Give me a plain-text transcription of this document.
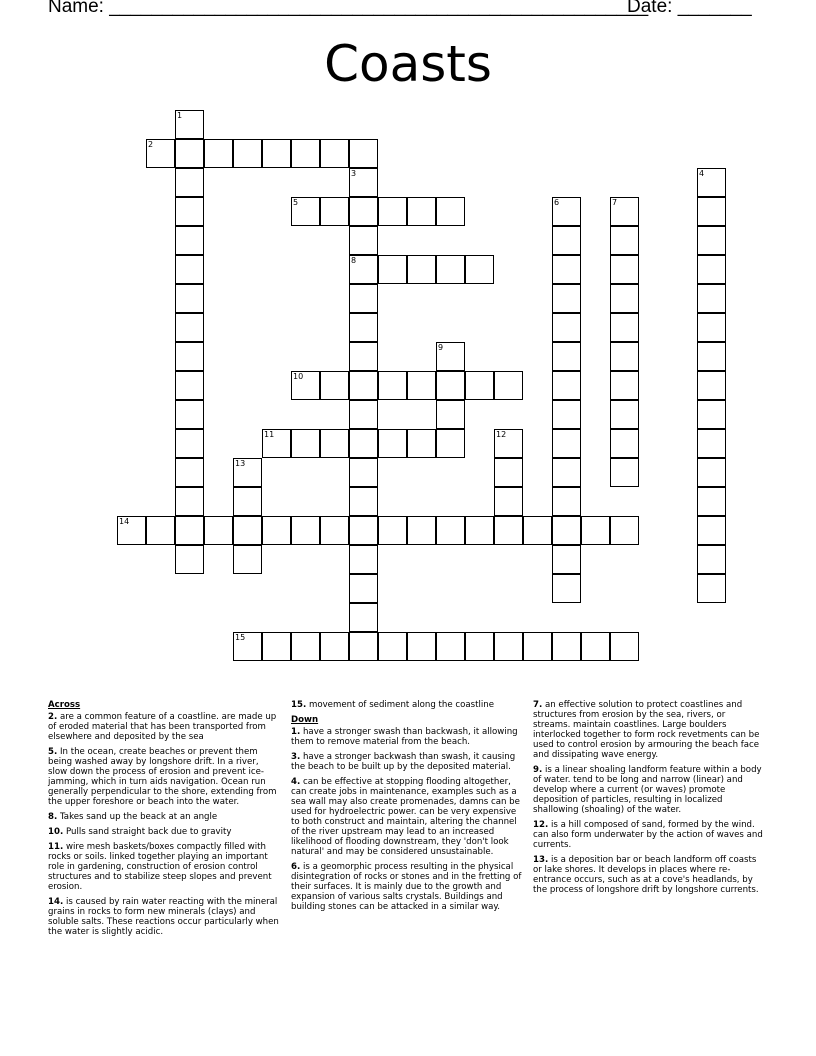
Name: ___________________________________________________
Date: _______
Coasts
1
2
3
8
4
5	6	7
9
10
11	12
13
14
15
Across
2. are a common feature of a coastline. are made up of eroded material that has been transported from elsewhere and deposited by the sea
5. In the ocean, create beaches or prevent them being washed away by longshore drift. In a river, slow down the process of erosion and prevent ice-jamming, which in turn aids navigation. Ocean run generally perpendicular to the shore, extending from the upper foreshore or beach into the water.
8. Takes sand up the beack at an angle
10. Pulls sand straight back due to gravity
11. wire mesh baskets/boxes compactly filled with rocks or soils. linked together playing an important role in gardening, construction of erosion control structures and to stabilize steep slopes and prevent erosion.
14. is caused by rain water reacting with the mineral grains in rocks to form new minerals (clays) and soluble salts. These reactions occur particularly when the water is slightly acidic.
15. movement of sediment along the coastline
Down
1. have a stronger swash than backwash, it allowing them to remove material from the beach.
3. have a stronger backwash than swash, it causing the beach to be built up by the deposited material.
4. can be effective at stopping flooding altogether, can create jobs in maintenance, examples such as a sea wall may also create promenades, damns can be used for hydroelectric power. can be very expensive to both construct and maintain, altering the channel of the river upstream may lead to an increased likelihood of flooding downstream, they 'don't look natural' and may be considered unsustainable.
6. is a geomorphic process resulting in the physical disintegration of rocks or stones and in the fretting of their surfaces. It is mainly due to the growth and expansion of various salts crystals. Buildings and building stones can be attacked in a similar way.
7. an effective solution to protect coastlines and structures from erosion by the sea, rivers, or streams. maintain coastlines. Large boulders interlocked together to form rock revetments can be used to control erosion by armouring the beach face and dissipating wave energy.
9. is a linear shoaling landform feature within a body of water. tend to be long and narrow (linear) and develop where a current (or waves) promote deposition of particles, resulting in localized shallowing (shoaling) of the water.
12. is a hill composed of sand, formed by the wind. can also form underwater by the action of waves and currents.
13. is a deposition bar or beach landform off coasts or lake shores. It develops in places where re-entrance occurs, such as at a cove's headlands, by the process of longshore drift by longshore currents.
